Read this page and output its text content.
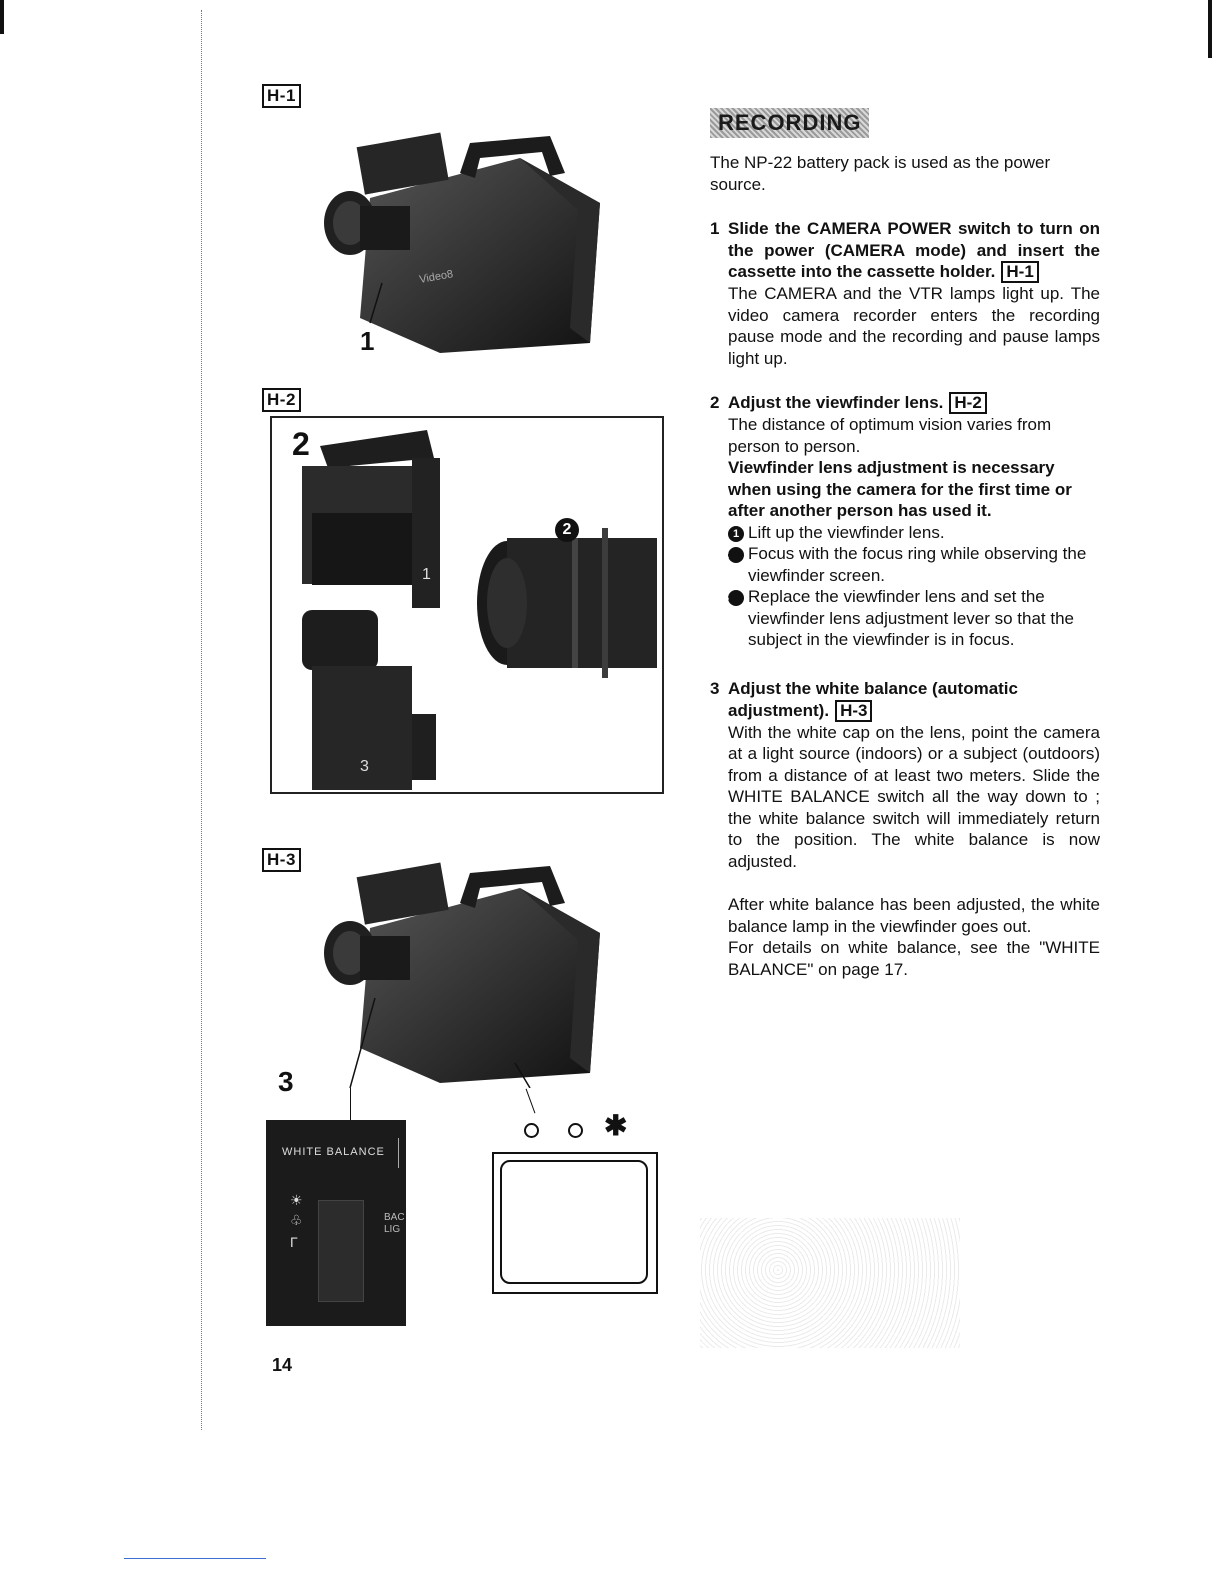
H-1
Video8
1
H-2
2
2
1
3
H-3
3
WHITE BALANCE
☀
♧
Γ
BAC
LIG
✱
RECORDING

The NP-22 battery pack is used as the power source.

1 Slide the CAMERA POWER switch to turn on the power (CAMERA mode) and insert the cassette into the cassette holder. H-1

The CAMERA and the VTR lamps light up. The video camera recorder enters the recording pause mode and the recording and pause lamps light up.

2 Adjust the viewfinder lens. H-2

The distance of optimum vision varies from person to person.

Viewfinder lens adjustment is necessary when using the camera for the first time or after another person has used it.

1 Lift up the viewfinder lens.

2 Focus with the focus ring while observing the viewfinder screen.

3 Replace the viewfinder lens and set the viewfinder lens adjustment lever so that the subject in the viewfinder is in focus.

3 Adjust the white balance (automatic adjustment). H-3

With the white cap on the lens, point the camera at a light source (indoors) or a subject (outdoors) from a distance of at least two meters. Slide the WHITE BALANCE switch all the way down to ; the white balance switch will immediately return to the position. The white balance is now adjusted.

After white balance has been adjusted, the white balance lamp in the viewfinder goes out.

For details on white balance, see the "WHITE BALANCE" on page 17.

14
